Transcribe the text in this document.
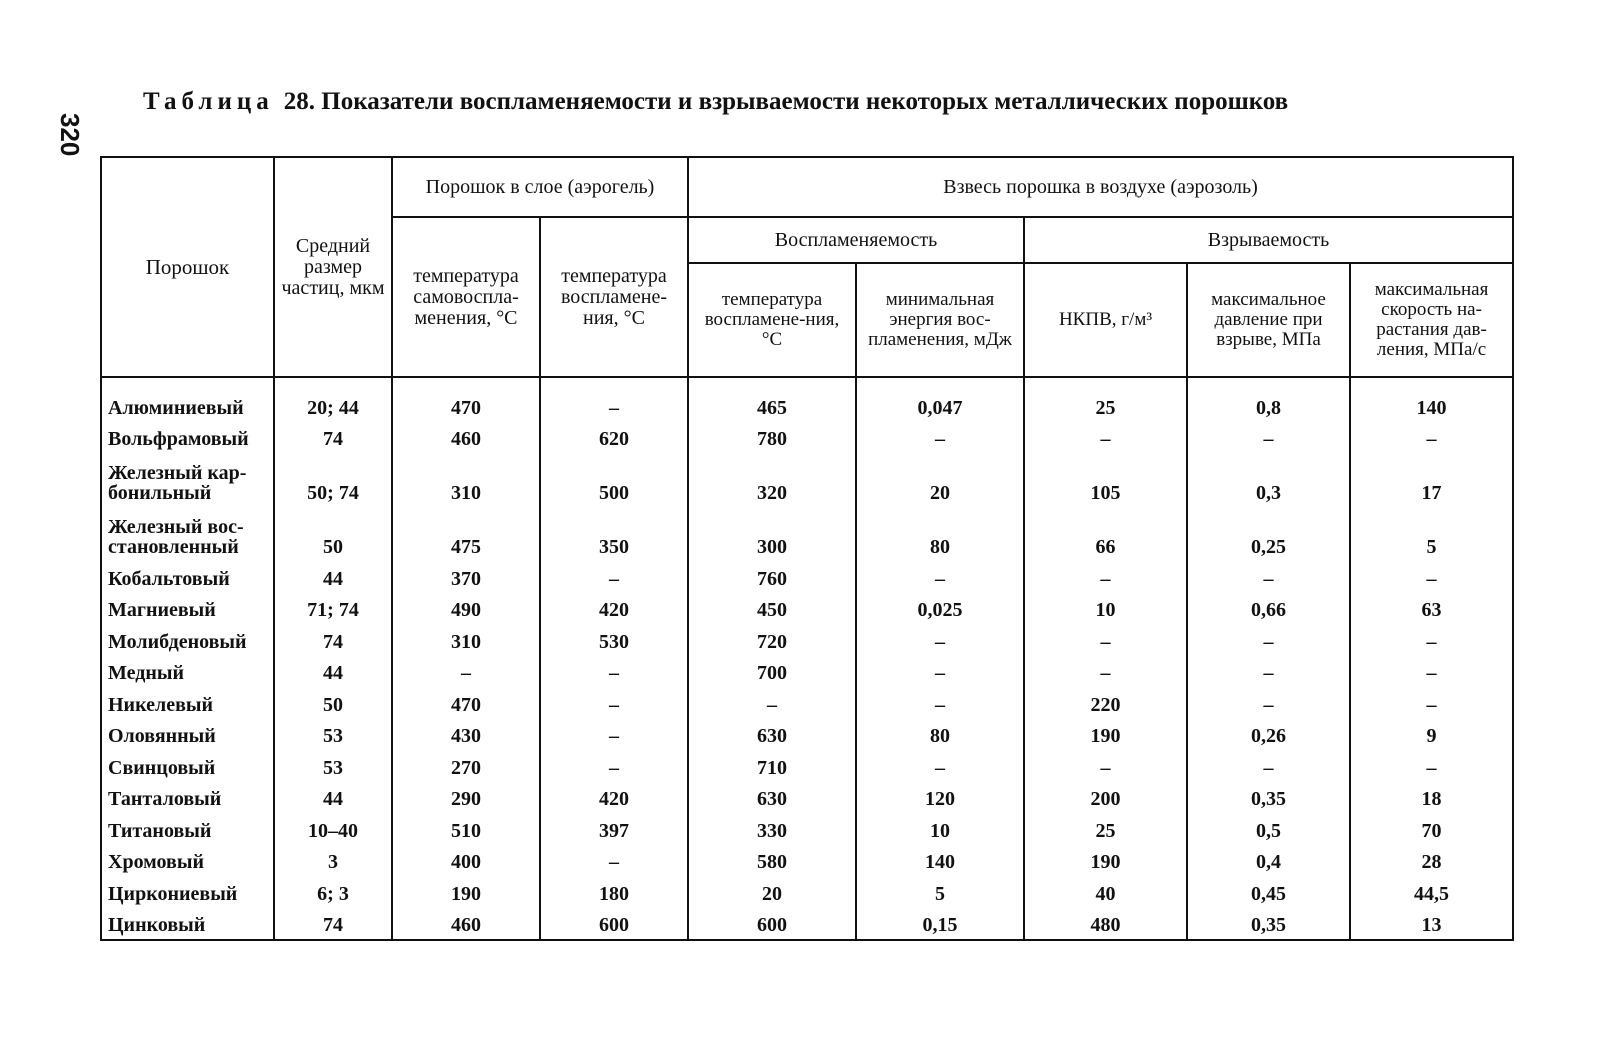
320
Таблица 28. Показатели воспламеняемости и взрываемости некоторых металлических порошков
Порошок	Средний размер частиц, мкм	Порошок в слое (аэрогель)		Взвесь порошка в воздухе (аэрозоль)				
		температура самовоспла-менения, °С	температура воспламене-ния, °С	Воспламеняемость		Взрываемость		
				температура воспламене-ния, °С	минимальная энергия вос-пламенения, мДж	НКПВ, г/м³	максимальное давление при взрыве, МПа	максимальная скорость на-растания дав-ления, МПа/с
Алюминиевый	20; 44	470	–	465	0,047	25	0,8	140
Вольфрамовый	74	460	620	780	–	–	–	–
Железный кар-бонильный	50; 74	310	500	320	20	105	0,3	17
Железный вос-становленный	50	475	350	300	80	66	0,25	5
Кобальтовый	44	370	–	760	–	–	–	–
Магниевый	71; 74	490	420	450	0,025	10	0,66	63
Молибденовый	74	310	530	720	–	–	–	–
Медный	44	–	–	700	–	–	–	–
Никелевый	50	470	–	–	–	220	–	–
Оловянный	53	430	–	630	80	190	0,26	9
Свинцовый	53	270	–	710	–	–	–	–
Танталовый	44	290	420	630	120	200	0,35	18
Титановый	10–40	510	397	330	10	25	0,5	70
Хромовый	3	400	–	580	140	190	0,4	28
Циркониевый	6; 3	190	180	20	5	40	0,45	44,5
Цинковый	74	460	600	600	0,15	480	0,35	13
